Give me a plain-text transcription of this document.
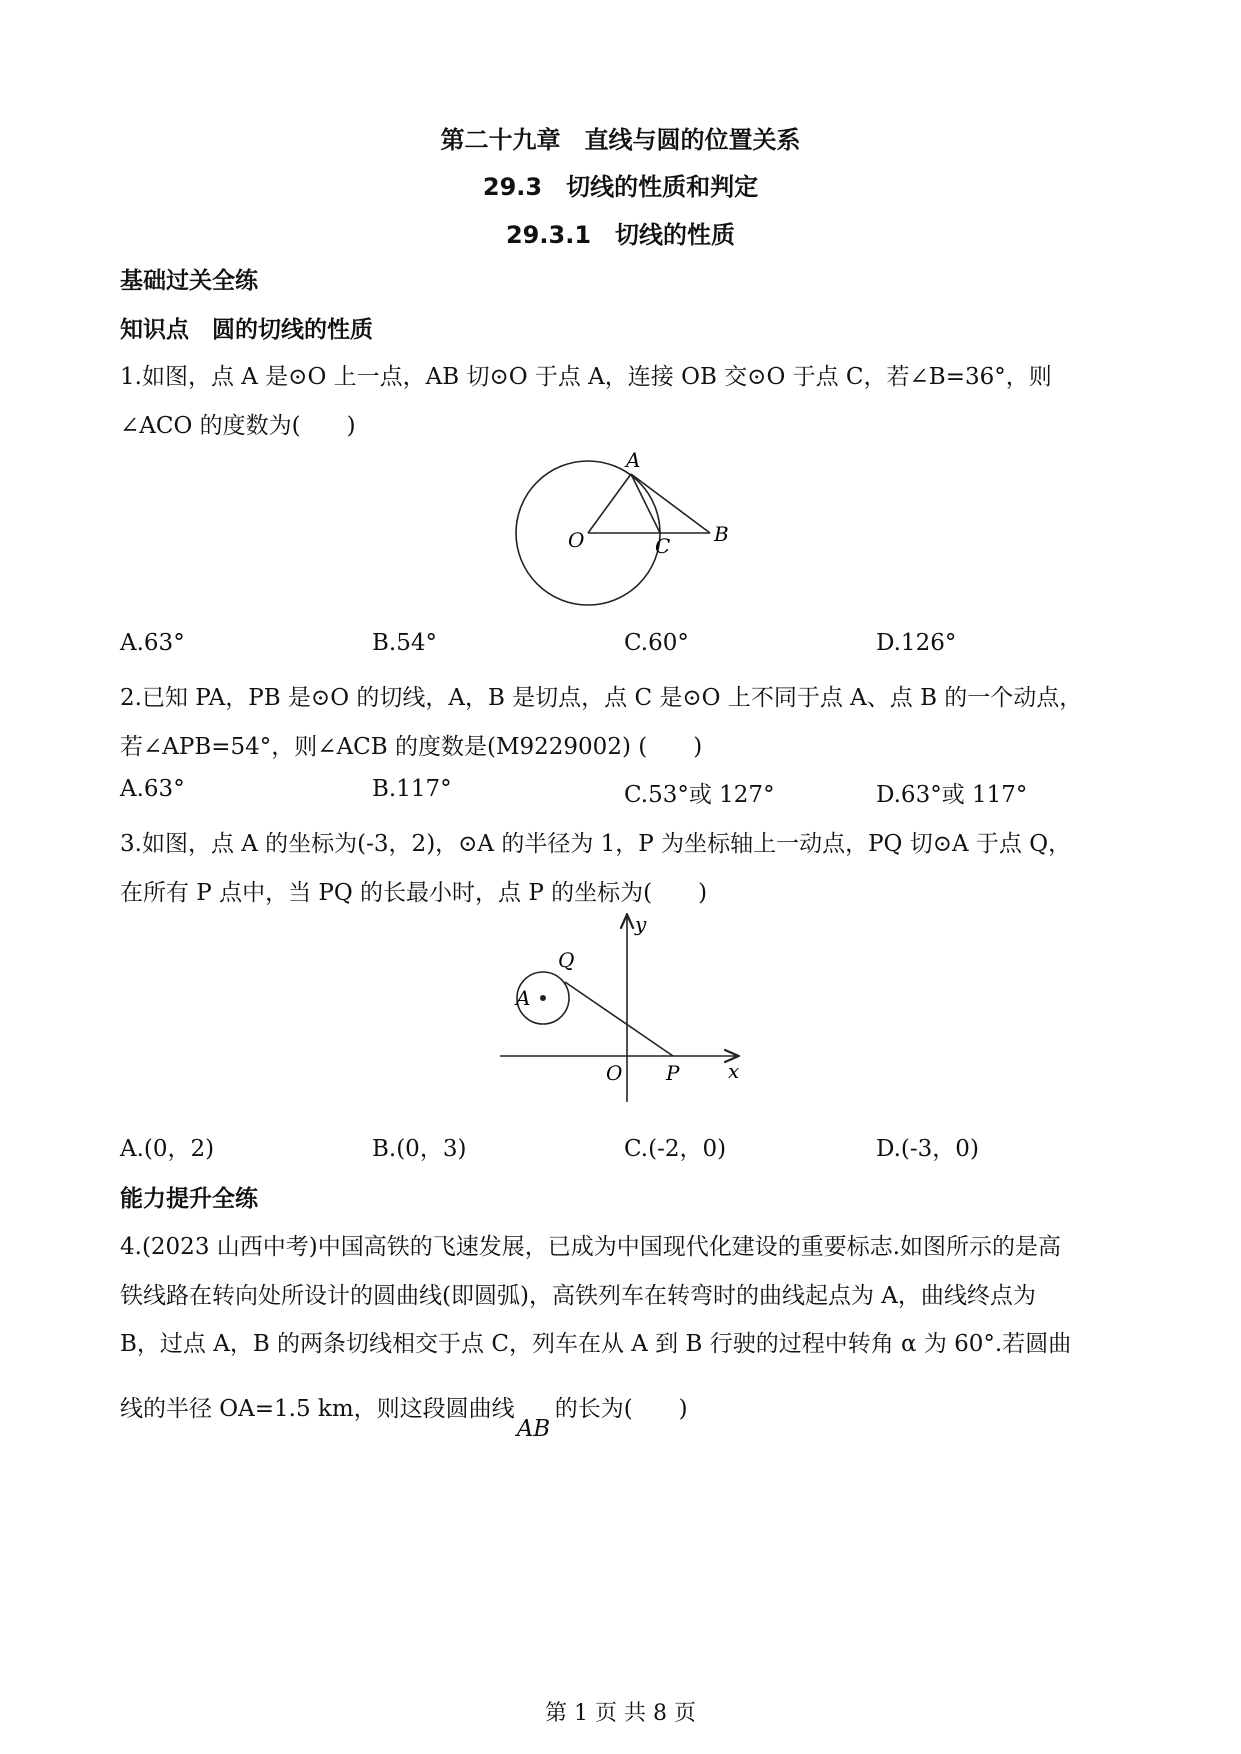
第二十九章　直线与圆的位置关系
29.3　切线的性质和判定
29.3.1　切线的性质
基础过关全练
知识点　圆的切线的性质
1.如图，点 A 是⊙O 上一点，AB 切⊙O 于点 A，连接 OB 交⊙O 于点 C，若∠B=36°，则
∠ACO 的度数为(　　)
A
O	C B
A.63°	B.54°	C.60°	D.126°
2.已知 PA，PB 是⊙O 的切线，A，B 是切点，点 C 是⊙O 上不同于点 A、点 B 的一个动点，
若∠APB=54°，则∠ACB 的度数是(M9229002) (　　)
A.63°	B.117°	C.53°或 127°	D.63°或 117°
3.如图，点 A 的坐标为(-3，2)，⊙A 的半径为 1，P 为坐标轴上一动点，PQ 切⊙A 于点 Q，
在所有 P 点中，当 PQ 的长最小时，点 P 的坐标为(　　)
y
Q
A
O P x
A.(0，2)	B.(0，3)	C.(-2，0)	D.(-3，0)
能力提升全练
4.(2023 山西中考)中国高铁的飞速发展，已成为中国现代化建设的重要标志.如图所示的是高
铁线路在转向处所设计的圆曲线(即圆弧)，高铁列车在转弯时的曲线起点为 A，曲线终点为
B，过点 A，B 的两条切线相交于点 C，列车在从 A 到 B 行驶的过程中转角 α 为 60°.若圆曲
线的半径 OA=1.5 km，则这段圆曲线
AB
的长为(　　)
第 1 页 共 8 页
